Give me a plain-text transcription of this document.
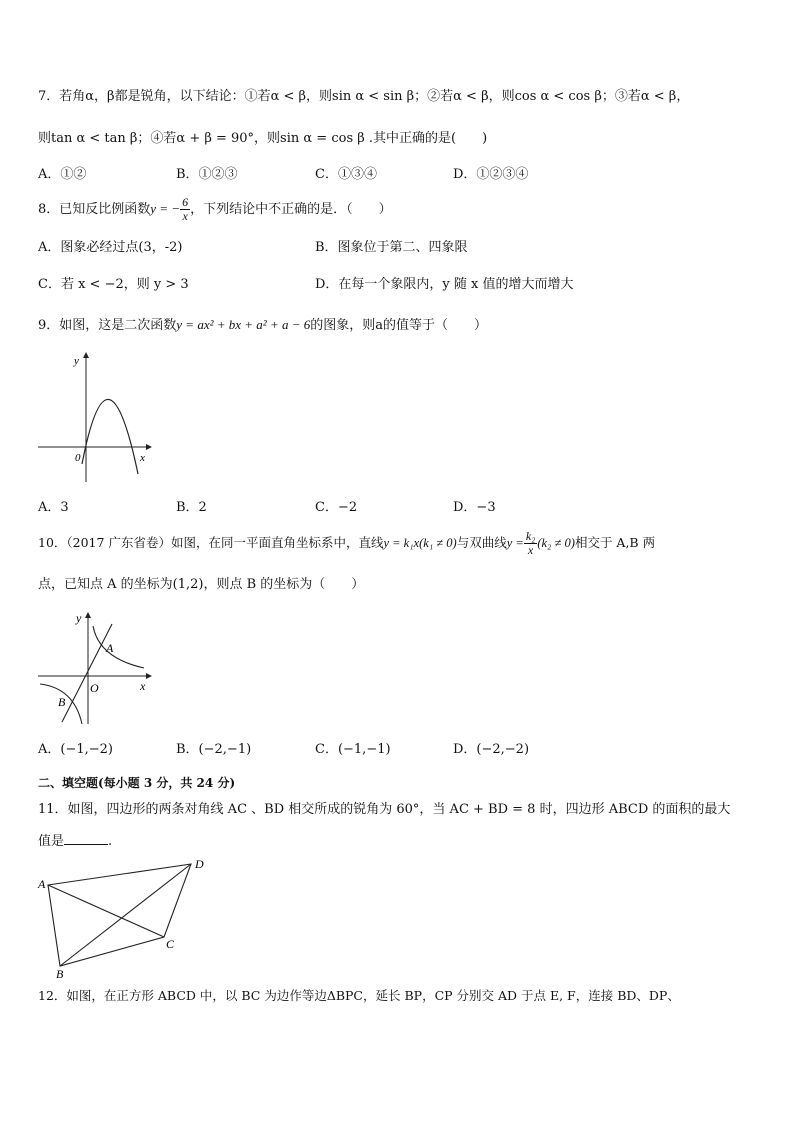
7．若角α，β都是锐角，以下结论：①若α < β，则sin α < sin β；②若α < β，则cos α < cos β；③若α < β，
则tan α < tan β；④若α + β = 90°，则sin α = cos β .其中正确的是(　　)
A．①②	B．①②③	C．①③④	D．①②③④
8．已知反比例函数y = − $\frac{6}{x}$ ，下列结论中不正确的是．（　　）
A．图象必经过点(3，-2)	B．图象位于第二、四象限
C．若 x < −2，则 y > 3	D．在每一个象限内，y 随 x 值的增大而增大
9．如图，这是二次函数y = ax² + bx + a² + a − 6的图象，则a的值等于（　　）
y
x
0
A．3	B．2	C．−2	D．−3
10．（2017 广东省卷）如图，在同一平面直角坐标系中，直线y = k₁x(k₁ ≠ 0)与双曲线$y = \frac{\text{k₂}}{x} (k_2 \ne 0)$相交于 A,B 两
点，已知点 A 的坐标为(1,2)，则点 B 的坐标为（　　）
y
x
O
A
B
A．(−1,−2)	B．(−2,−1)	C．(−1,−1)	D．(−2,−2)
二、填空题(每小题 3 分，共 24 分)
11．如图，四边形的两条对角线 AC 、BD 相交所成的锐角为 60°，当 AC + BD = 8 时，四边形 ABCD 的面积的最大
值是	.
A
B
C
D
12．如图，在正方形 ABCD 中，以 BC 为边作等边ΔBPC，延长 BP，CP 分别交 AD 于点 E, F，连接 BD、DP、
